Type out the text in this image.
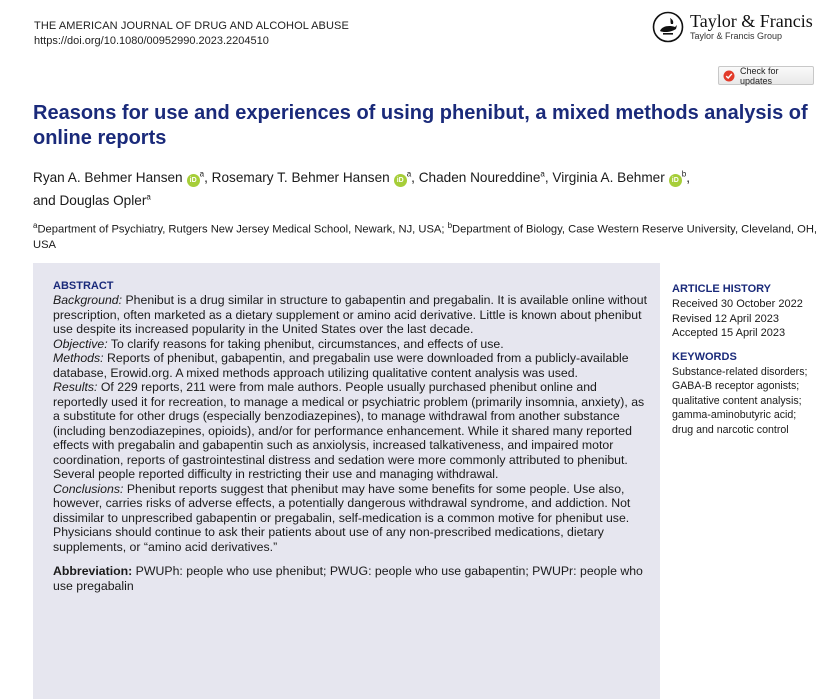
THE AMERICAN JOURNAL OF DRUG AND ALCOHOL ABUSE
https://doi.org/10.1080/00952990.2023.2204510
Taylor & Francis
Taylor & Francis Group
Check for updates
Reasons for use and experiences of using phenibut, a mixed methods analysis of online reports
Ryan A. Behmer Hansen $iD^a$, Rosemary T. Behmer Hansen $iD^a$, Chaden Noureddine$^a$, Virginia A. Behmer $iD^b$,
and Douglas Opler$^a$
$^a$Department of Psychiatry, Rutgers New Jersey Medical School, Newark, NJ, USA; $^b$Department of Biology, Case Western Reserve University, Cleveland, OH, USA
ABSTRACT

Background: Phenibut is a drug similar in structure to gabapentin and pregabalin. It is available online without prescription, often marketed as a dietary supplement or amino acid derivative. Little is known about phenibut use despite its increased popularity in the United States over the last decade.

Objective: To clarify reasons for taking phenibut, circumstances, and effects of use.

Methods: Reports of phenibut, gabapentin, and pregabalin use were downloaded from a publicly-available database, Erowid.org. A mixed methods approach utilizing qualitative content analysis was used.

Results: Of 229 reports, 211 were from male authors. People usually purchased phenibut online and reportedly used it for recreation, to manage a medical or psychiatric problem (primarily insomnia, anxiety), as a substitute for other drugs (especially benzodiazepines), to manage withdrawal from another substance (including benzodiazepines, opioids), and/or for performance enhancement. While it shared many reported effects with pregabalin and gabapentin such as anxiolysis, increased talkativeness, and impaired motor coordination, reports of gastrointestinal distress and sedation were more commonly attributed to phenibut. Several people reported difficulty in restricting their use and managing withdrawal.

Conclusions: Phenibut reports suggest that phenibut may have some benefits for some people. Use also, however, carries risks of adverse effects, a potentially dangerous withdrawal syndrome, and addiction. Not dissimilar to unprescribed gabapentin or pregabalin, self-medication is a common motive for phenibut use. Physicians should continue to ask their patients about use of any non-prescribed medications, dietary supplements, or “amino acid derivatives.”

Abbreviation: PWUPh: people who use phenibut; PWUG: people who use gabapentin; PWUPr: people who use pregabalin

ARTICLE HISTORY
Received 30 October 2022
Revised 12 April 2023
Accepted 15 April 2023
KEYWORDS
Substance-related disorders;
GABA-B receptor agonists;
qualitative content analysis;
gamma-aminobutyric acid;
drug and narcotic control
